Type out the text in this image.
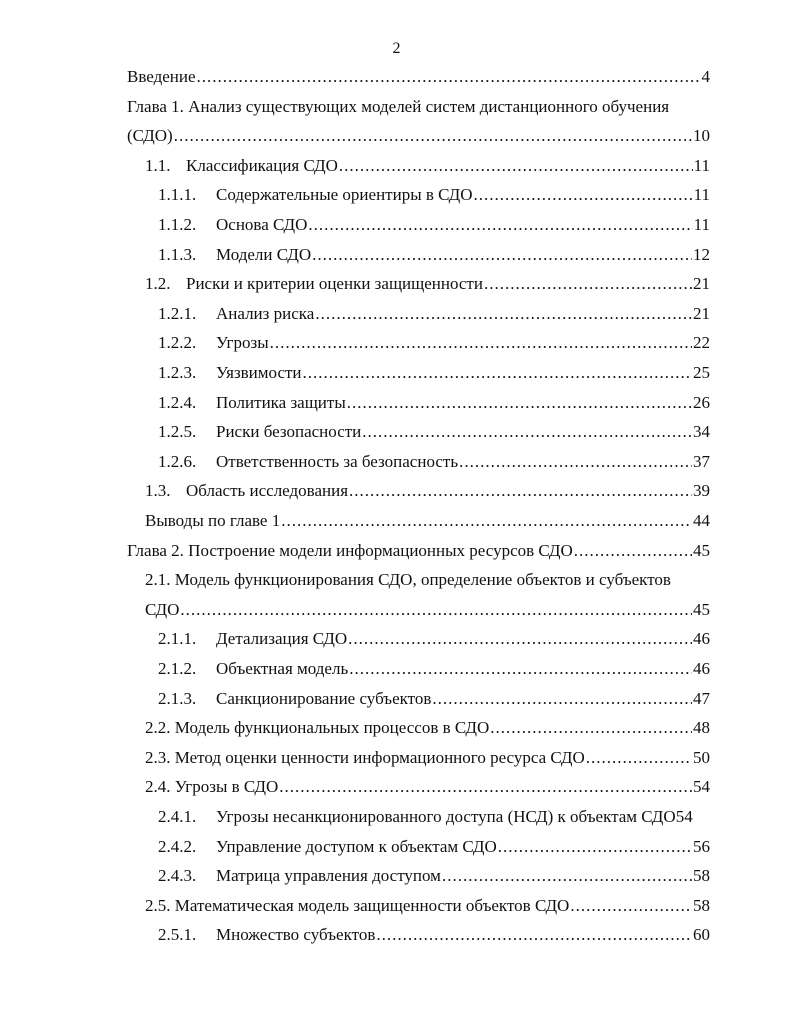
2
Введение .....	4
Глава 1. Анализ существующих моделей систем дистанционного обучения
(СДО) .....	10
1.1. Классификация СДО .....	11
1.1.1. Содержательные ориентиры в СДО .....	11
1.1.2. Основа СДО .....	11
1.1.3. Модели СДО .....	12
1.2. Риски и критерии оценки защищенности .....	21
1.2.1. Анализ риска .....	21
1.2.2. Угрозы .....	22
1.2.3. Уязвимости .....	25
1.2.4. Политика защиты .....	26
1.2.5. Риски безопасности .....	34
1.2.6. Ответственность за безопасность .....	37
1.3. Область исследования .....	39
Выводы по главе 1 .....	44
Глава 2. Построение модели информационных ресурсов СДО .....	45
2.1. Модель функционирования СДО, определение объектов и субъектов
СДО .....	45
2.1.1. Детализация СДО .....	46
2.1.2. Объектная модель .....	46
2.1.3. Санкционирование субъектов .....	47
2.2. Модель функциональных процессов в СДО .....	48
2.3. Метод оценки ценности информационного ресурса СДО .....	50
2.4. Угрозы в СДО .....	54
2.4.1. Угрозы несанкционированного доступа (НСД) к объектам СДО 54
2.4.2. Управление доступом к объектам СДО .....	56
2.4.3. Матрица управления доступом .....	58
2.5. Математическая модель защищенности объектов СДО .....	58
2.5.1. Множество субъектов .....	60
